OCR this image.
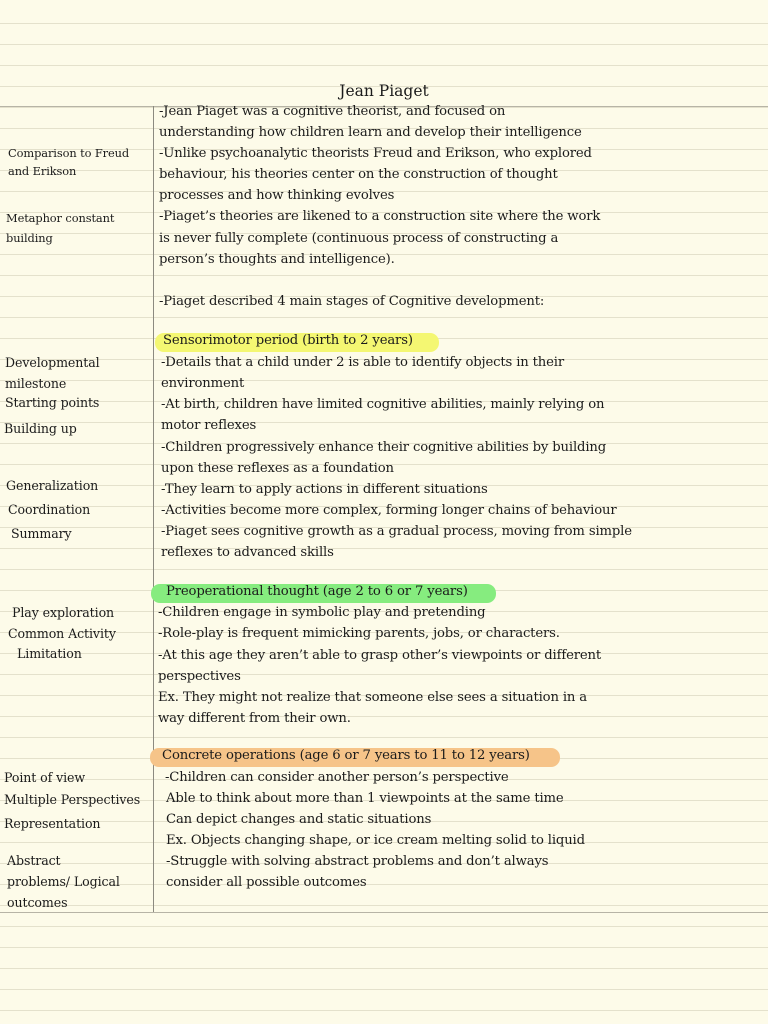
Jean Piaget
Comparison to Freud
and Erikson
Metaphor constant
building
Developmental
milestone
Starting points
Building up
Generalization
Coordination
Summary
Play exploration
Common Activity
Limitation
Point of view
Multiple Perspectives
Representation
Abstract
problems/ Logical
outcomes
-Jean Piaget was a cognitive theorist, and focused on
understanding how children learn and develop their intelligence
-Unlike psychoanalytic theorists Freud and Erikson, who explored
behaviour, his theories center on the construction of thought
processes and how thinking evolves
-Piaget’s theories are likened to a construction site where the work
is never fully complete (continuous process of constructing a
person’s thoughts and intelligence).
-Piaget described 4 main stages of Cognitive development:
Sensorimotor period (birth to 2 years)
-Details that a child under 2 is able to identify objects in their
environment
-At birth, children have limited cognitive abilities, mainly relying on
motor reflexes
-Children progressively enhance their cognitive abilities by building
upon these reflexes as a foundation
-They learn to apply actions in different situations
-Activities become more complex, forming longer chains of behaviour
-Piaget sees cognitive growth as a gradual process, moving from simple
reflexes to advanced skills
Preoperational thought (age 2 to 6 or 7 years)
-Children engage in symbolic play and pretending
-Role-play is frequent mimicking parents, jobs, or characters.
-At this age they aren’t able to grasp other’s viewpoints or different
perspectives
Ex. They might not realize that someone else sees a situation in a
way different from their own.
Concrete operations (age 6 or 7 years to 11 to 12 years)
-Children can consider another person’s perspective
Able to think about more than 1 viewpoints at the same time
Can depict changes and static situations
Ex. Objects changing shape, or ice cream melting solid to liquid
-Struggle with solving abstract problems and don’t always
consider all possible outcomes
